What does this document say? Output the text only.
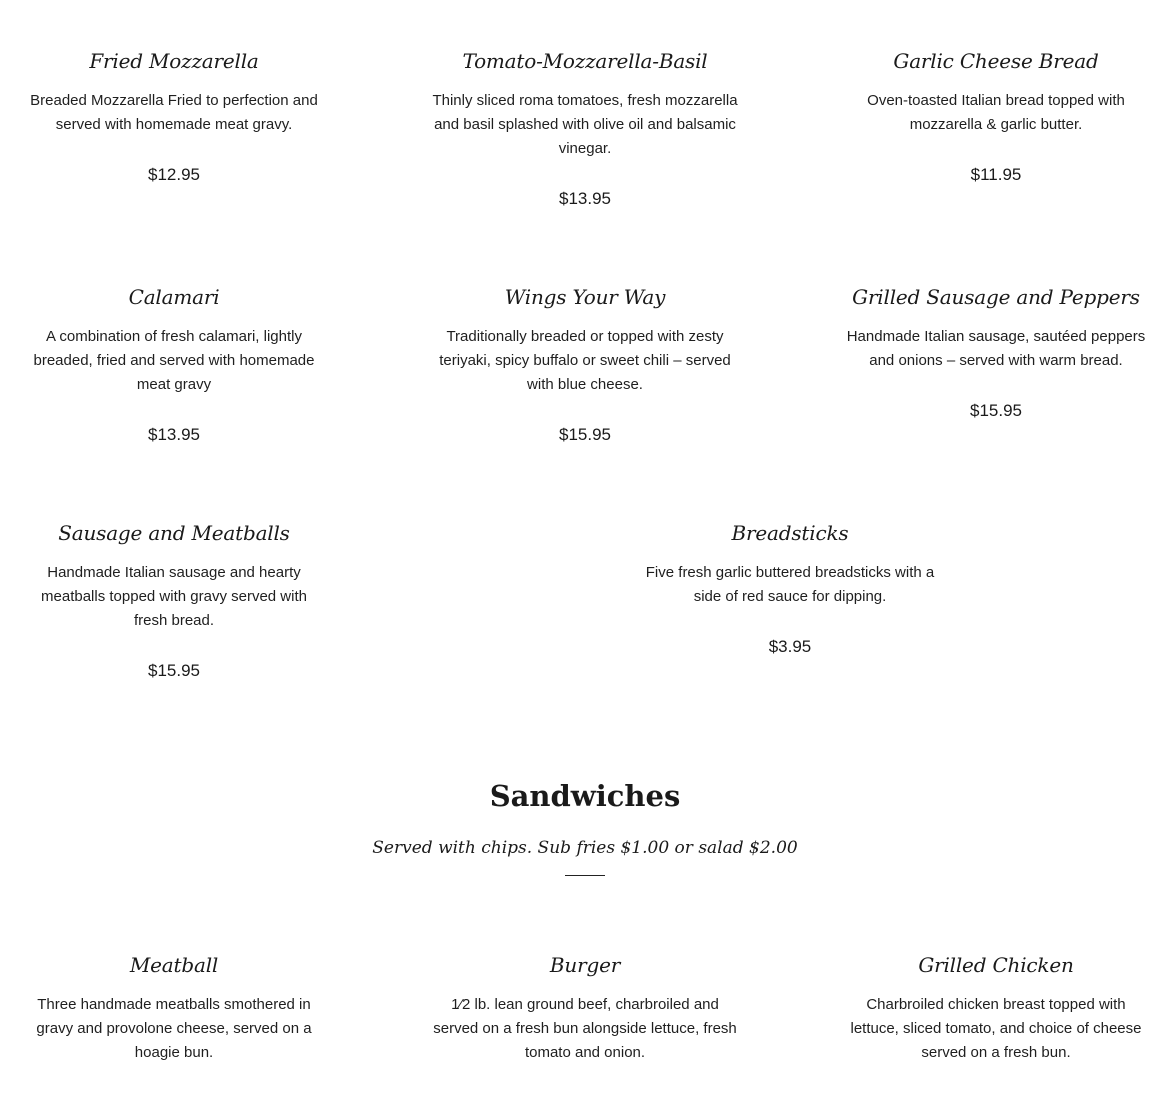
Fried Mozzarella

Breaded Mozzarella Fried to perfection and served with homemade meat gravy.

$12.95

Tomato-Mozzarella-Basil

Thinly sliced roma tomatoes, fresh mozzarella and basil splashed with olive oil and balsamic vinegar.

$13.95

Garlic Cheese Bread

Oven-toasted Italian bread topped with mozzarella & garlic butter.

$11.95

Calamari

A combination of fresh calamari, lightly breaded, fried and served with homemade meat gravy

$13.95

Wings Your Way

Traditionally breaded or topped with zesty teriyaki, spicy buffalo or sweet chili – served with blue cheese.

$15.95

Grilled Sausage and Peppers

Handmade Italian sausage, sautéed peppers and onions – served with warm bread.

$15.95

Sausage and Meatballs

Handmade Italian sausage and hearty meatballs topped with gravy served with fresh bread.

$15.95

Breadsticks

Five fresh garlic buttered breadsticks with a side of red sauce for dipping.

$3.95

Sandwiches

Served with chips. Sub fries $1.00 or salad $2.00

Meatball

Three handmade meatballs smothered in gravy and provolone cheese, served on a hoagie bun.

Burger

1⁄2 lb. lean ground beef, charbroiled and served on a fresh bun alongside lettuce, fresh tomato and onion.

Grilled Chicken

Charbroiled chicken breast topped with lettuce, sliced tomato, and choice of cheese served on a fresh bun.
